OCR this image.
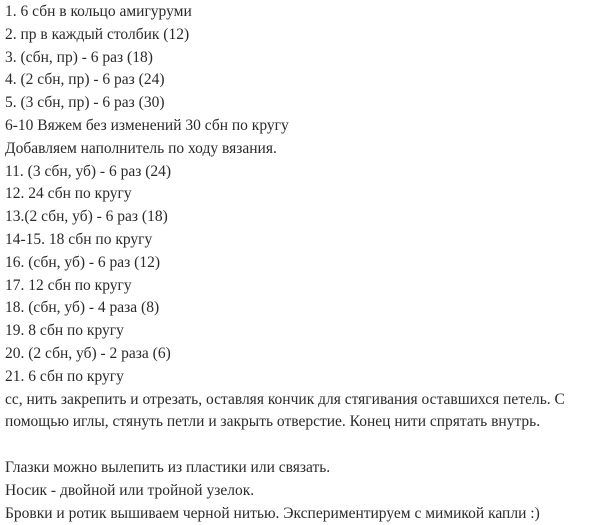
1. 6 сбн в кольцо амигуруми
2. пр в каждый столбик (12)
3. (сбн, пр) - 6 раз (18)
4. (2 сбн, пр) - 6 раз (24)
5. (3 сбн, пр) - 6 раз (30)
6-10 Вяжем без изменений 30 сбн по кругу
Добавляем наполнитель по ходу вязания.
11. (3 сбн, уб) - 6 раз (24)
12. 24 сбн по кругу
13.(2 сбн, уб) - 6 раз (18)
14-15. 18 сбн по кругу
16. (сбн, уб) - 6 раз (12)
17. 12 сбн по кругу
18. (сбн, уб) - 4 раза (8)
19. 8 сбн по кругу
20. (2 сбн, уб) - 2 раза (6)
21. 6 сбн по кругу
сс, нить закрепить и отрезать, оставляя кончик для стягивания оставшихся петель. С
помощью иглы, стянуть петли и закрыть отверстие. Конец нити спрятать внутрь.
Глазки можно вылепить из пластики или связать.
Носик - двойной или тройной узелок.
Бровки и ротик вышиваем черной нитью. Экспериментируем с мимикой капли :)
